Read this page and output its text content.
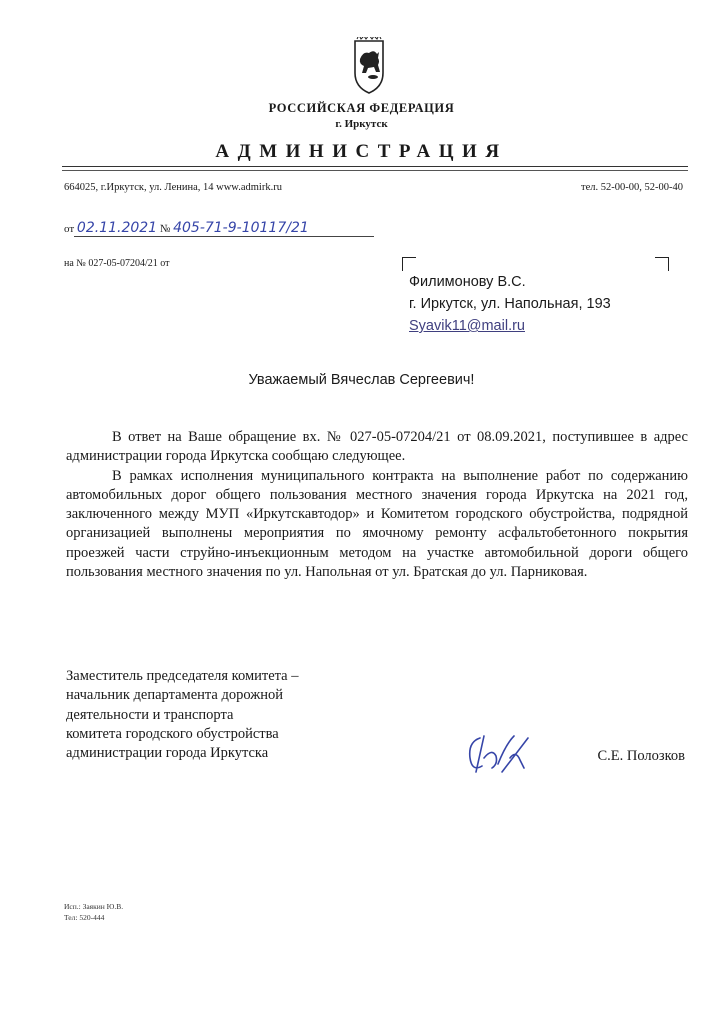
РОССИЙСКАЯ ФЕДЕРАЦИЯ
г. Иркутск
АДМИНИСТРАЦИЯ
664025, г.Иркутск, ул. Ленина, 14 www.admirk.ru	тел. 52-00-00, 52-00-40
от 02.11.2021 № 405-71-9-10117/21
на № 027-05-07204/21 от
Филимонову В.С.
г. Иркутск, ул. Напольная, 193
Syavik11@mail.ru
Уважаемый Вячеслав Сергеевич!

В ответ на Ваше обращение вх. № 027-05-07204/21 от 08.09.2021, поступившее в адрес администрации города Иркутска сообщаю следующее.

В рамках исполнения муниципального контракта на выполнение работ по содержанию автомобильных дорог общего пользования местного значения города Иркутска на 2021 год, заключенного между МУП «Иркутскавтодор» и Комитетом городского обустройства, подрядной организацией выполнены мероприятия по ямочному ремонту асфальтобетонного покрытия проезжей части струйно-инъекционным методом на участке автомобильной дороги общего пользования местного значения по ул. Напольная от ул. Братская до ул. Парниковая.

Заместитель председателя комитета –
начальник департамента дорожной
деятельности и транспорта
комитета городского обустройства
администрации города Иркутска	С.Е. Полозков
Исп.: Заякин Ю.В.
Тел: 520-444
